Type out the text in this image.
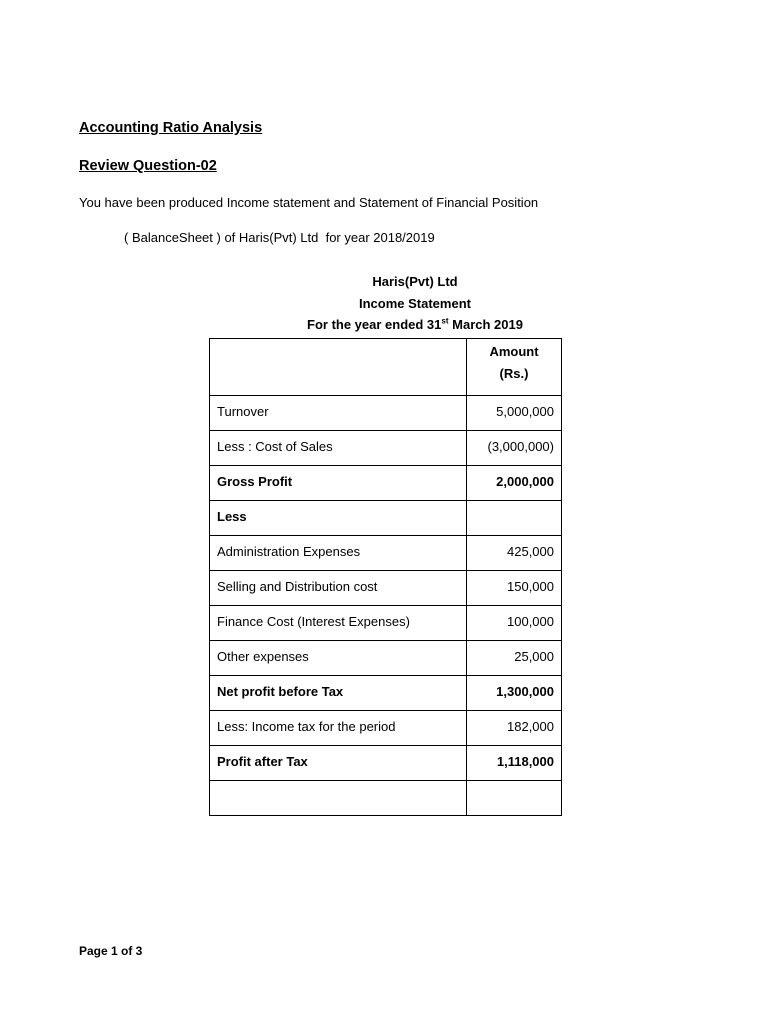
Accounting Ratio Analysis
Review Question-02
You have been produced Income statement and Statement of Financial Position
( BalanceSheet ) of Haris(Pvt) Ltd  for year 2018/2019
Haris(Pvt) Ltd
Income Statement
For the year ended 31st March 2019

	Amount
(Rs.)

Turnover	5,000,000
Less : Cost of Sales	(3,000,000)
Gross Profit	2,000,000
Less	
Administration Expenses	425,000
Selling and Distribution cost	150,000
Finance Cost (Interest Expenses)	100,000
Other expenses	25,000
Net profit before Tax	1,300,000
Less: Income tax for the period	182,000
Profit after Tax	1,118,000

Page 1 of 3
